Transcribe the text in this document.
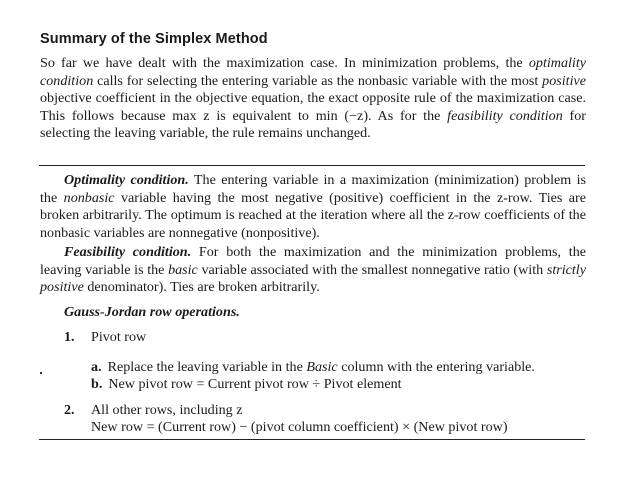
Summary of the Simplex Method
So far we have dealt with the maximization case. In minimization problems, the optimality condition calls for selecting the entering variable as the nonbasic variable with the most positive objective coefficient in the objective equation, the exact opposite rule of the maximization case. This follows because max z is equivalent to min (−z). As for the feasibility condition for selecting the leaving variable, the rule remains unchanged.
Optimality condition. The entering variable in a maximization (minimization) problem is the nonbasic variable having the most negative (positive) coefficient in the z-row. Ties are broken arbitrarily. The optimum is reached at the iteration where all the z-row coefficients of the nonbasic variables are nonnegative (nonpositive).
Feasibility condition. For both the maximization and the minimization problems, the leaving variable is the basic variable associated with the smallest nonnegative ratio (with strictly positive denominator). Ties are broken arbitrarily.
Gauss-Jordan row operations.
1. Pivot row
a. Replace the leaving variable in the Basic column with the entering variable.
b. New pivot row = Current pivot row ÷ Pivot element
2. All other rows, including z
New row = (Current row) − (pivot column coefficient) × (New pivot row)
